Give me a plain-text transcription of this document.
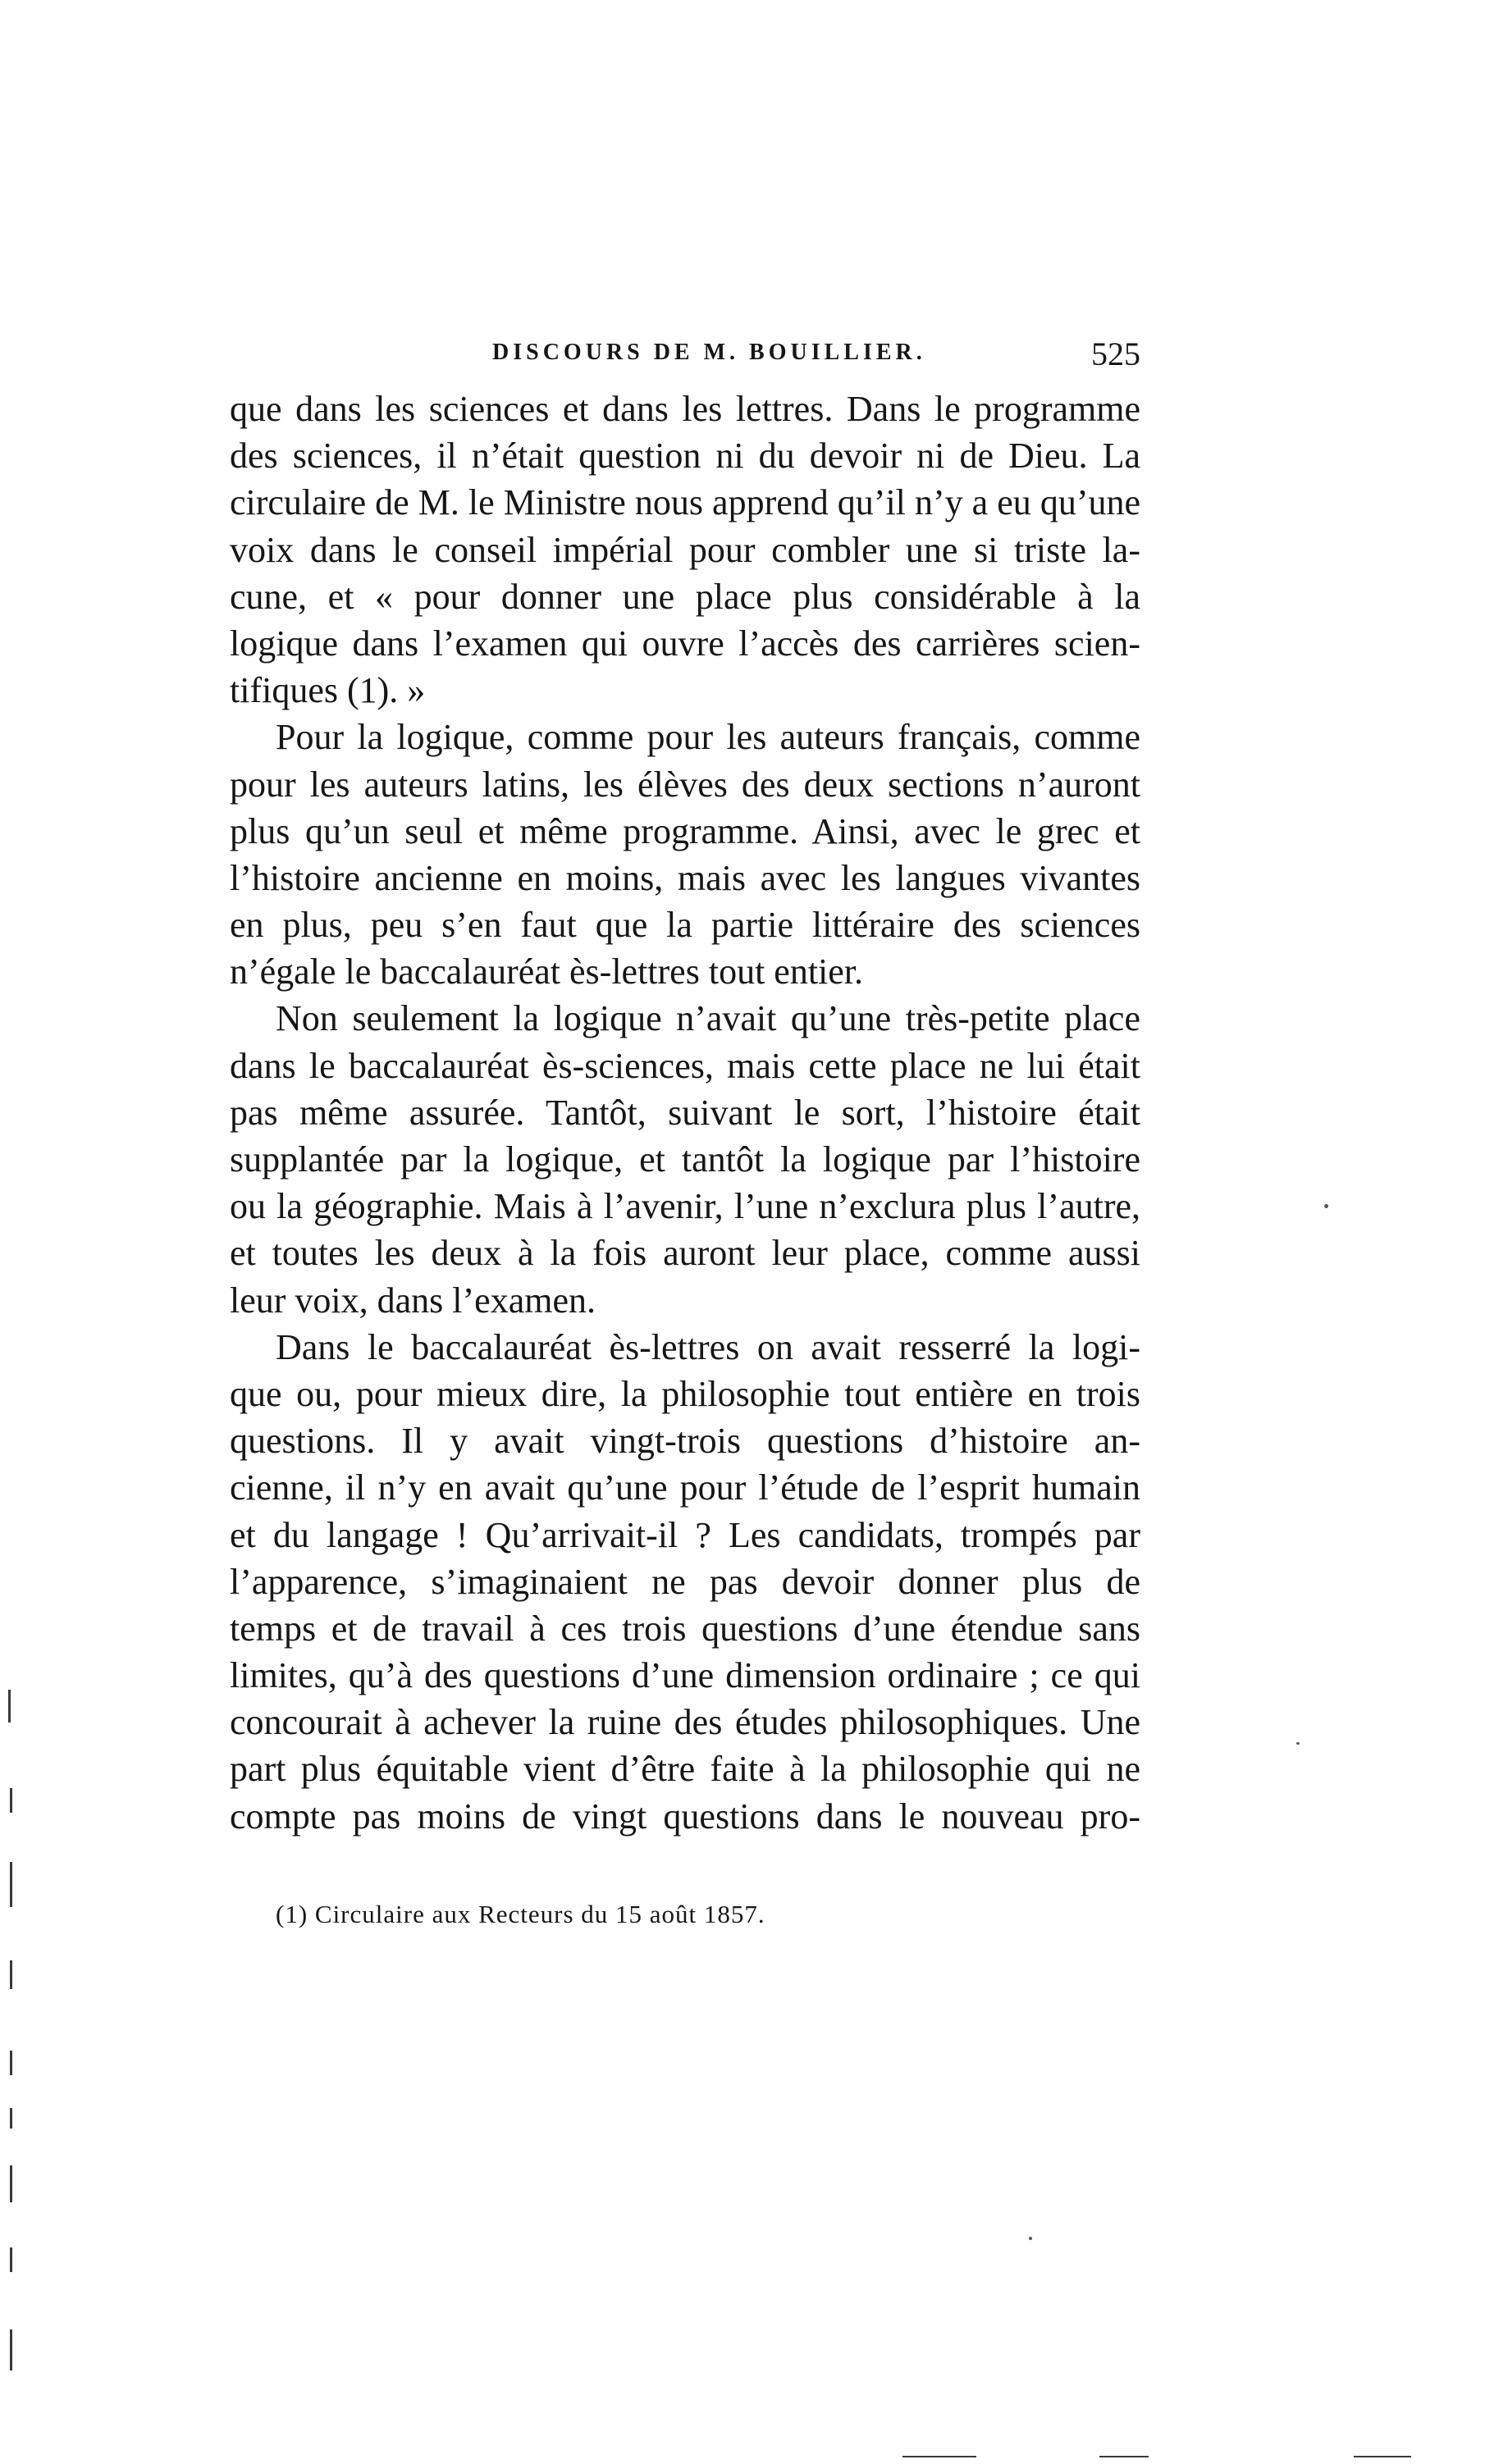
DISCOURS DE M. BOUILLIER.	525
que dans les sciences et dans les lettres. Dans le programme
des sciences, il n’était question ni du devoir ni de Dieu. La
circulaire de M. le Ministre nous apprend qu’il n’y a eu qu’une
voix dans le conseil impérial pour combler une si triste la-
cune, et « pour donner une place plus considérable à la
logique dans l’examen qui ouvre l’accès des carrières scien-
tifiques (1). »
Pour la logique, comme pour les auteurs français, comme
pour les auteurs latins, les élèves des deux sections n’auront
plus qu’un seul et même programme. Ainsi, avec le grec et
l’histoire ancienne en moins, mais avec les langues vivantes
en plus, peu s’en faut que la partie littéraire des sciences
n’égale le baccalauréat ès-lettres tout entier.
Non seulement la logique n’avait qu’une très-petite place
dans le baccalauréat ès-sciences, mais cette place ne lui était
pas même assurée. Tantôt, suivant le sort, l’histoire était
supplantée par la logique, et tantôt la logique par l’histoire
ou la géographie. Mais à l’avenir, l’une n’exclura plus l’autre,
et toutes les deux à la fois auront leur place, comme aussi
leur voix, dans l’examen.
Dans le baccalauréat ès-lettres on avait resserré la logi-
que ou, pour mieux dire, la philosophie tout entière en trois
questions. Il y avait vingt-trois questions d’histoire an-
cienne, il n’y en avait qu’une pour l’étude de l’esprit humain
et du langage ! Qu’arrivait-il ? Les candidats, trompés par
l’apparence, s’imaginaient ne pas devoir donner plus de
temps et de travail à ces trois questions d’une étendue sans
limites, qu’à des questions d’une dimension ordinaire ; ce qui
concourait à achever la ruine des études philosophiques. Une
part plus équitable vient d’être faite à la philosophie qui ne
compte pas moins de vingt questions dans le nouveau pro-
(1) Circulaire aux Recteurs du 15 août 1857.
